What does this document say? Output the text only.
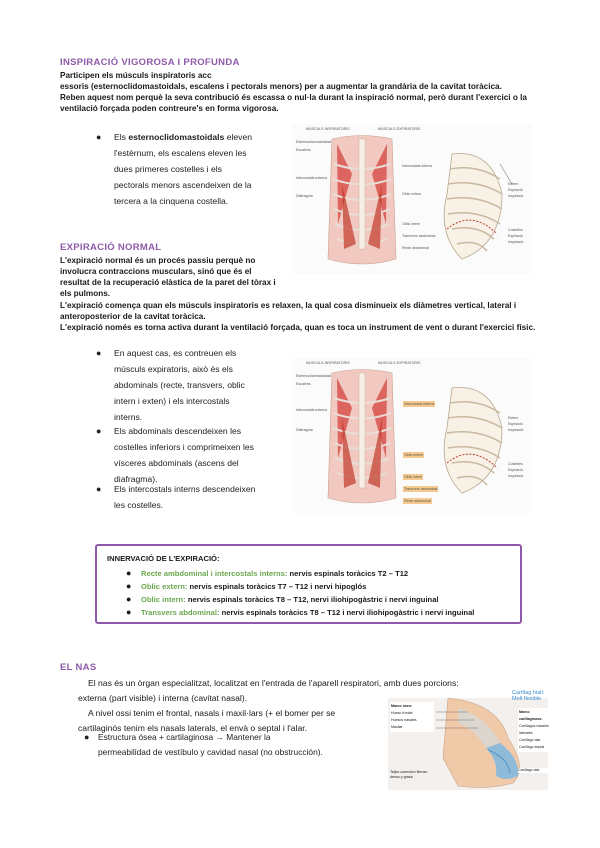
INSPIRACIÓ VIGOROSA I PROFUNDA
Participen els músculs inspiratoris acc
essoris (esternoclidomastoidals, escalens i pectorals menors) per a augmentar la grandària de la cavitat toràcica.
Reben aquest nom perquè la seva contribució és escassa o nul·la durant la inspiració normal, però durant l'exercici o la
ventilació forçada poden contreure's en forma vigorosa.
● Els esternoclidomastoidals eleven
l'estèrnum, els escalens eleven les
dues primeres costelles i els
pectorals menors ascendeixen de la
tercera a la cinquena costella.
MÚSCULS INSPIRATORIS	MÚSCULS EXPIRATORIS
Esternoclidomastoidal
Escalens
Intercostals externs
Diafragma
Intercostals interns
Oblic extern
Oblic intern
Transvers abdominal
Recte abdominal
Estern
Espiració
Inspiració
Costelles
Espiració
Inspiració
EXPIRACIÓ NORMAL
L'expiració normal és un procés passiu perquè no
involucra contraccions musculars, sinó que és el
resultat de la recuperació elàstica de la paret del tòrax i
els pulmons.
L'expiració comença quan els músculs inspiratoris es relaxen, la qual cosa disminueix els diàmetres vertical, lateral i
anteroposterior de la cavitat toràcica.
L'expiració només es torna activa durant la ventilació forçada, quan es toca un instrument de vent o durant l'exercici físic.
● En aquest cas, es contreuen els
músculs expiratoris, això és els
abdominals (recte, transvers, oblic
intern i exten) i els intercostals
interns.
● Els abdominals descendeixen les
costelles inferiors i comprimeixen les
vísceres abdominals (ascens del
diafragma).
● Els intercostals interns descendeixen
les costelles.
MÚSCULS INSPIRATORIS	MÚSCULS EXPIRATORIS
Esternoclidomastoidal
Escalens
Intercostals externs
Diafragma
Intercostals interns
Oblic extern
Oblic intern
Transvers abdominal
Recte abdominal
Estern
Espiració
Inspiració
Costelles
Espiració
Inspiració
INNERVACIÓ DE L'EXPIRACIÓ:
● Recte ambdominal i intercostals interns: nervis espinals toràcics T2 – T12
● Oblic extern: nervis espinals toràcics T7 – T12 i nervi hipoglós
● Oblic intern: nervis espinals toràcics T8 – T12, nervi iliohipogàstric i nervi inguinal
● Transvers abdominal: nervis espinals toràcics T8 – T12 i nervi iliohipogàstric i nervi inguinal
EL NAS
El nas és un òrgan especialitzat, localitzat en l'entrada de l'aparell respiratori, amb dues porcions:
externa (part visible) i interna (cavitat nasal).
A nivel ossi tenim el frontal, nasals i maxil·lars (+ el bomer per se
cartilaginós tenim els nasals laterals, el envà o septal i l'alar.
● Estructura ósea + cartilaginosa → Mantener la
permeabilidad de vestíbulo y cavidad nasal (no obstrucción).
Cartílag hialí: Molt flexible
Marco óseo:
Hueso frontal
Huesos nasales
Maxilar
Marco cartilaginoso:
Cartílagos nasales laterales
Cartílago alar
Cartílago septal
Tejido conectivo fibroso denso y grasa
Cartílago alar
